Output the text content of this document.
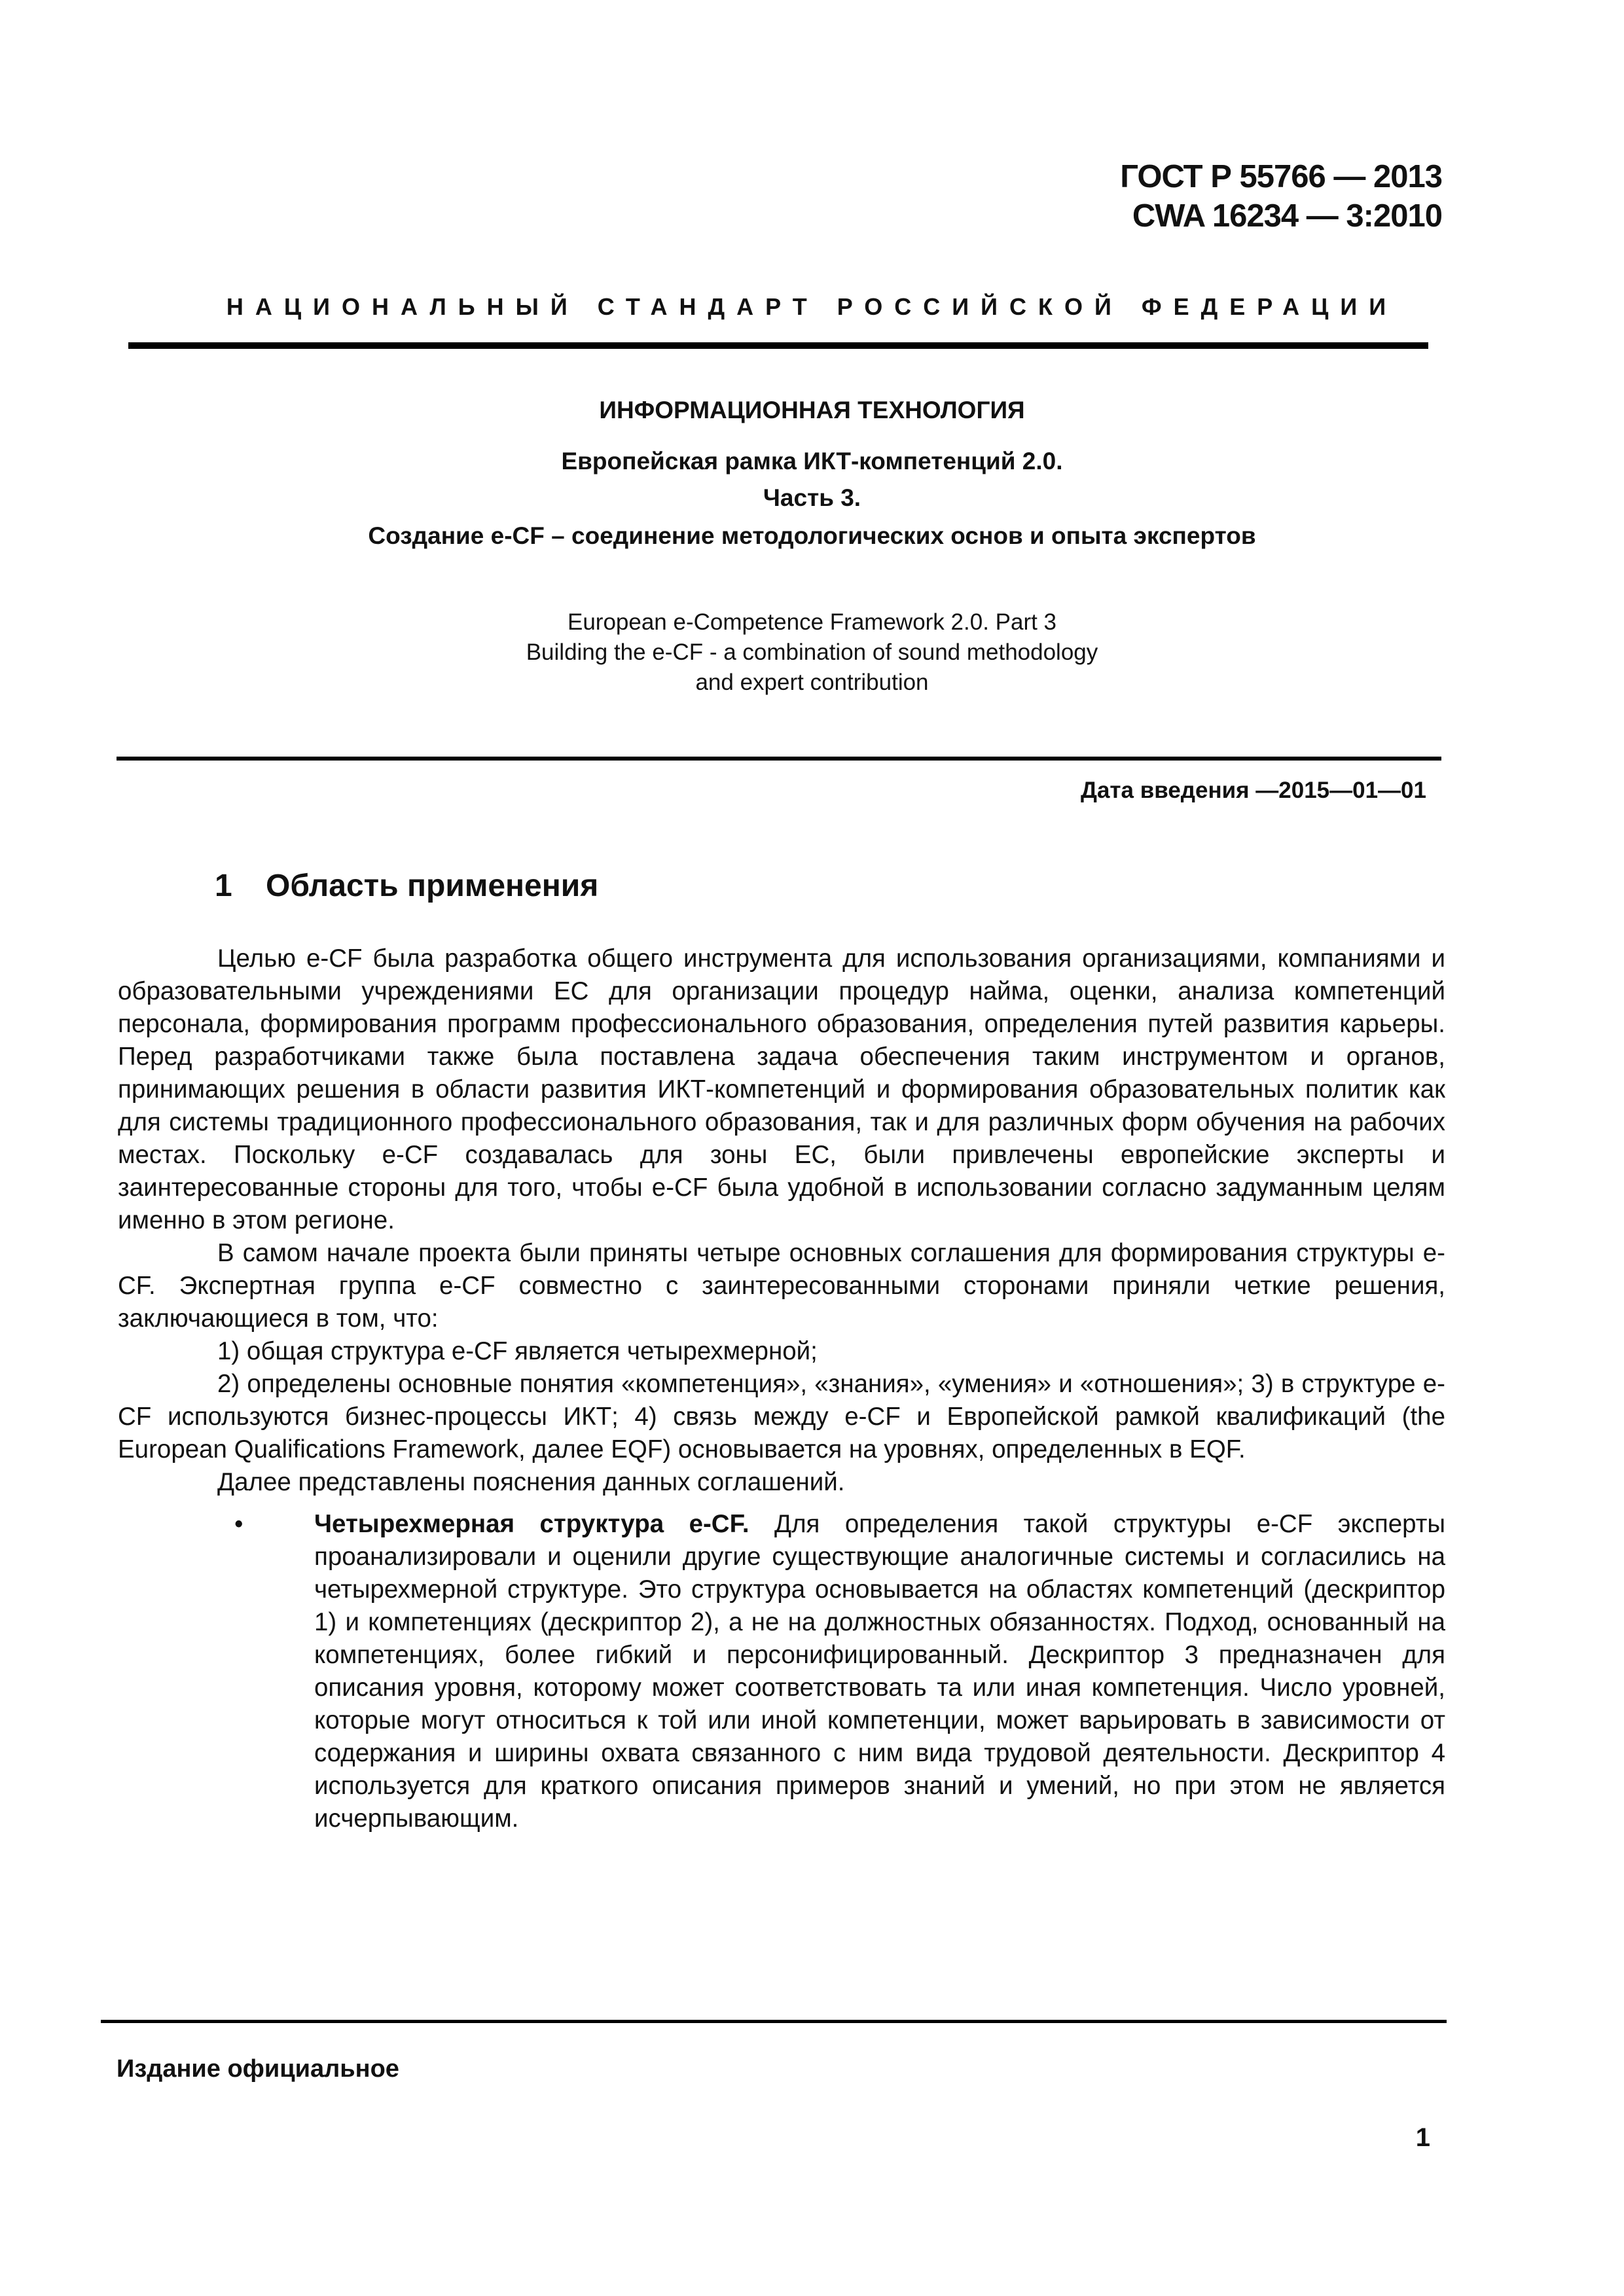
ГОСТ Р 55766 — 2013
CWA 16234 — 3:2010
НАЦИОНАЛЬНЫЙ СТАНДАРТ РОССИЙСКОЙ ФЕДЕРАЦИИ
ИНФОРМАЦИОННАЯ ТЕХНОЛОГИЯ
Европейская рамка ИКТ-компетенций 2.0.
Часть 3.
Создание e-CF – соединение методологических основ и опыта экспертов
European e-Competence Framework 2.0. Part 3
Building the e-CF - a combination of sound methodology
and expert contribution
Дата введения —2015—01—01
1 Область применения

Целью e-CF была разработка общего инструмента для использования организациями, компаниями и образовательными учреждениями ЕС для организации процедур найма, оценки, анализа компетенций персонала, формирования программ профессионального образования, определения путей развития карьеры. Перед разработчиками также была поставлена задача обеспечения таким инструментом и органов, принимающих решения в области развития ИКТ-компетенций и формирования образовательных политик как для системы традиционного профессионального образования, так и для различных форм обучения на рабочих местах. Поскольку e-CF создавалась для зоны ЕС, были привлечены европейские эксперты и заинтересованные стороны для того, чтобы e-CF была удобной в использовании согласно задуманным целям именно в этом регионе.

В самом начале проекта были приняты четыре основных соглашения для формирования структуры e-CF. Экспертная группа e-CF совместно с заинтересованными сторонами приняли четкие решения, заключающиеся в том, что:

1) общая структура e-CF является четырехмерной;

2) определены основные понятия «компетенция», «знания», «умения» и «отношения»; 3) в структуре e-CF используются бизнес-процессы ИКТ; 4) связь между e-CF и Европейской рамкой квалификаций (the European Qualifications Framework, далее EQF) основывается на уровнях, определенных в EQF.

Далее представлены пояснения данных соглашений.

•	Четырехмерная структура e-CF. Для определения такой структуры e-CF эксперты проанализировали и оценили другие существующие аналогичные системы и согласились на четырехмерной структуре. Это структура основывается на областях компетенций (дескриптор 1) и компетенциях (дескриптор 2), а не на должностных обязанностях. Подход, основанный на компетенциях, более гибкий и персонифицированный. Дескриптор 3 предназначен для описания уровня, которому может соответствовать та или иная компетенция. Число уровней, которые могут относиться к той или иной компетенции, может варьировать в зависимости от содержания и ширины охвата связанного с ним вида трудовой деятельности. Дескриптор 4 используется для краткого описания примеров знаний и умений, но при этом не является исчерпывающим.

Издание официальное
1
